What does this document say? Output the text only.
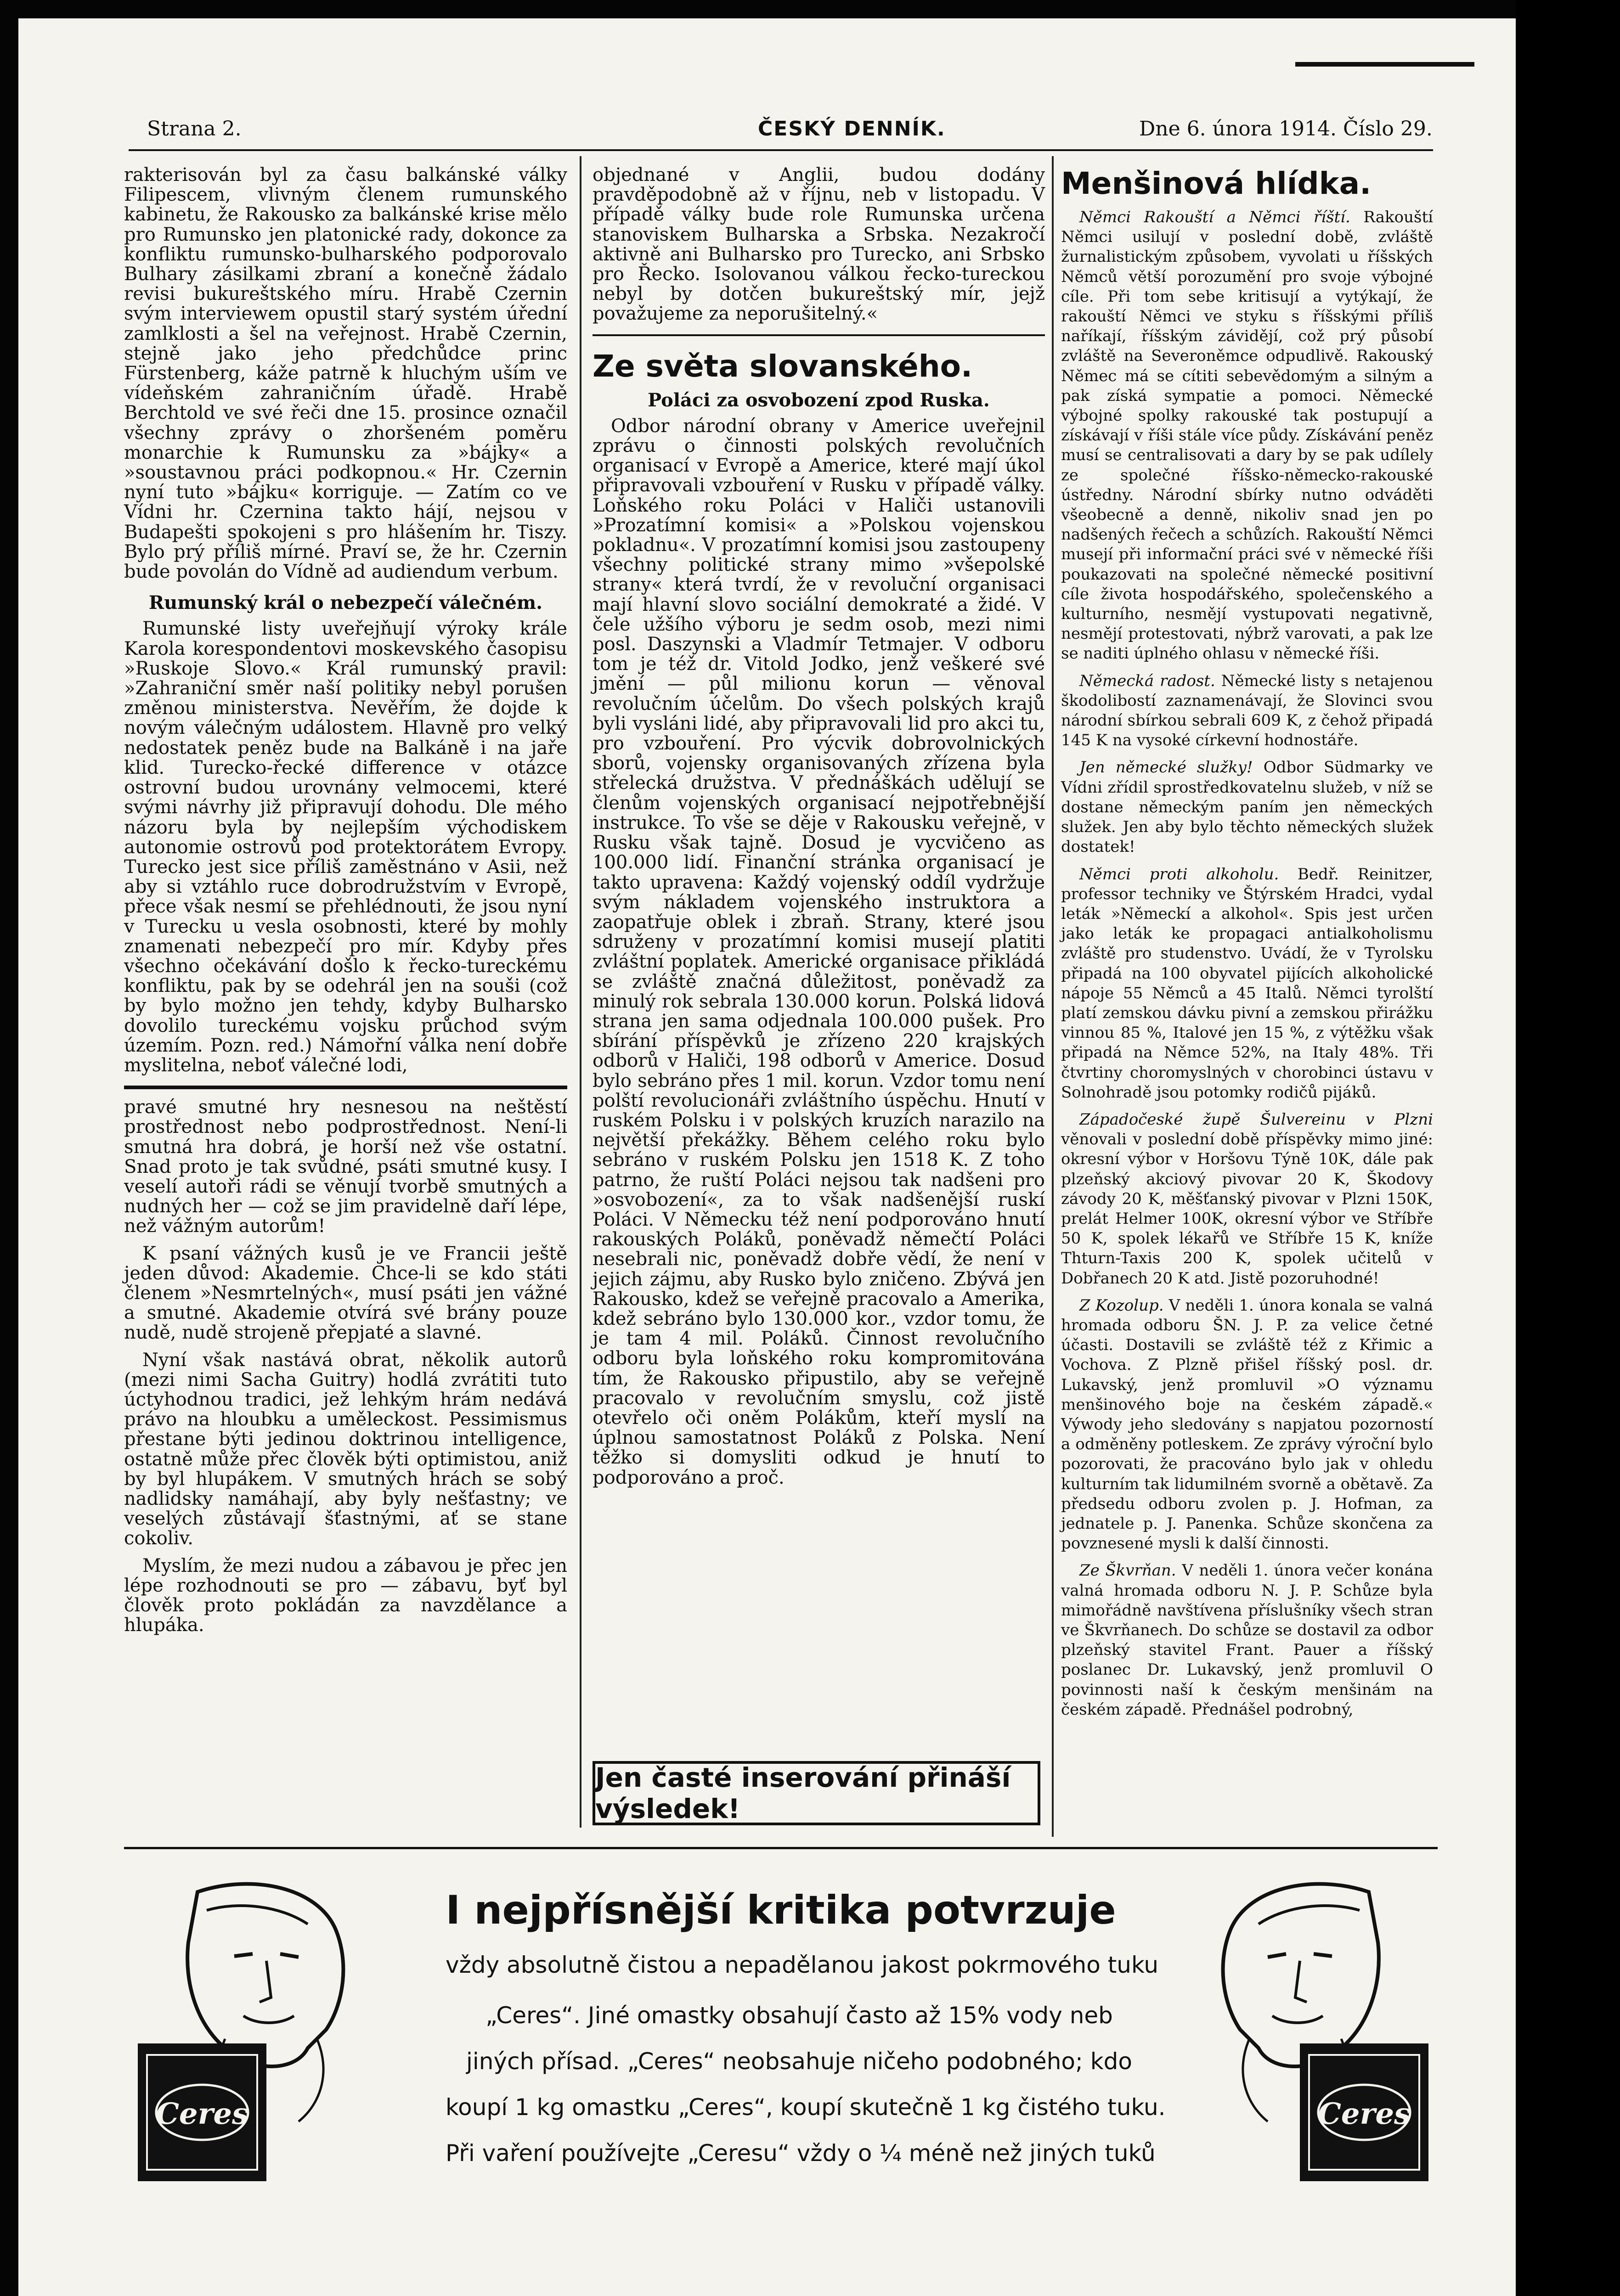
Strana 2.	ČESKÝ DENNÍK.	Dne 6. února 1914. Číslo 29.

rakterisován byl za času balkánské války Filipescem, vlivným členem rumunského kabinetu, že Rakousko za balkánské krise mělo pro Rumunsko jen platonické rady, dokonce za konfliktu rumunsko-bulharského podporovalo Bulhary zásilkami zbraní a konečně žádalo revisi bukureštského míru. Hrabě Czernin svým interviewem opustil starý systém úřední zamlklosti a šel na veřejnost. Hrabě Czernin, stejně jako jeho předchůdce princ Fürstenberg, káže patrně k hluchým uším ve vídeňském zahraničním úřadě. Hrabě Berchtold ve své řeči dne 15. prosince označil všechny zprávy o zhoršeném poměru monarchie k Rumunsku za »bájky« a »soustavnou práci podkopnou.« Hr. Czernin nyní tuto »bájku« korriguje. — Zatím co ve Vídni hr. Czernina takto hájí, nejsou v Budapešti spokojeni s pro hlášením hr. Tiszy. Bylo prý příliš mírné. Praví se, že hr. Czernin bude povolán do Vídně ad audiendum verbum.

Rumunský král o nebezpečí válečném.

Rumunské listy uveřejňují výroky krále Karola korespondentovi moskevského časopisu »Ruskoje Slovo.« Král rumunský pravil: »Zahraniční směr naší politiky nebyl porušen změnou ministerstva. Nevěřím, že dojde k novým válečným událostem. Hlavně pro velký nedostatek peněz bude na Balkáně i na jaře klid. Turecko-řecké difference v otázce ostrovní budou urovnány velmocemi, které svými návrhy již připravují dohodu. Dle mého názoru byla by nejlepším východiskem autonomie ostrovů pod protektorátem Evropy. Turecko jest sice příliš zaměstnáno v Asii, než aby si vztáhlo ruce dobrodružstvím v Evropě, přece však nesmí se přehlédnouti, že jsou nyní v Turecku u vesla osobnosti, které by mohly znamenati nebezpečí pro mír. Kdyby přes všechno očekávání došlo k řecko-tureckému konfliktu, pak by se odehrál jen na souši (což by bylo možno jen tehdy, kdyby Bulharsko dovolilo tureckému vojsku průchod svým územím. Pozn. red.) Námořní válka není dobře myslitelna, neboť válečné lodi,

pravé smutné hry nesnesou na neštěstí prostřednost nebo podprostřednost. Není-li smutná hra dobrá, je horší než vše ostatní. Snad proto je tak svůdné, psáti smutné kusy. I veselí autoři rádi se věnují tvorbě smutných a nudných her — což se jim pravidelně daří lépe, než vážným autorům!

K psaní vážných kusů je ve Francii ještě jeden důvod: Akademie. Chce-li se kdo státi členem »Nesmrtelných«, musí psáti jen vážné a smutné. Akademie otvírá své brány pouze nudě, nudě strojeně přepjaté a slavné.

Nyní však nastává obrat, několik autorů (mezi nimi Sacha Guitry) hodlá zvrátiti tuto úctyhodnou tradici, jež lehkým hrám nedává právo na hloubku a uměleckost. Pessimismus přestane býti jedinou doktrinou intelligence, ostatně může přec člověk býti optimistou, aniž by byl hlupákem. V smutných hrách se sobý nadlidsky namáhají, aby byly nešťastny; ve veselých zůstávají šťastnými, ať se stane cokoliv.

Myslím, že mezi nudou a zábavou je přec jen lépe rozhodnouti se pro — zábavu, byť byl člověk proto pokládán za navzdělance a hlupáka.

objednané v Anglii, budou dodány pravděpodobně až v říjnu, neb v listopadu. V případě války bude role Rumunska určena stanoviskem Bulharska a Srbska. Nezakročí aktivně ani Bulharsko pro Turecko, ani Srbsko pro Řecko. Isolovanou válkou řecko-tureckou nebyl by dotčen bukureštský mír, jejž považujeme za neporušitelný.«

Ze světa slovanského.
Poláci za osvobození zpod Ruska.

Odbor národní obrany v Americe uveřejnil zprávu o činnosti polských revolučních organisací v Evropě a Americe, které mají úkol připravovali vzbouření v Rusku v případě války. Loňského roku Poláci v Haliči ustanovili »Prozatímní komisi« a »Polskou vojenskou pokladnu«. V prozatímní komisi jsou zastoupeny všechny politické strany mimo »všepolské strany« která tvrdí, že v revoluční organisaci mají hlavní slovo sociální demokraté a židé. V čele užšího výboru je sedm osob, mezi nimi posl. Daszynski a Vladmír Tetmajer. V odboru tom je též dr. Vitold Jodko, jenž veškeré své jmění — půl milionu korun — věnoval revolučním účelům. Do všech polských krajů byli vysláni lidé, aby připravovali lid pro akci tu, pro vzbouření. Pro výcvik dobrovolnických sborů, vojensky organisovaných zřízena byla střelecká družstva. V přednáškách udělují se členům vojenských organisací nejpotřebnější instrukce. To vše se děje v Rakousku veřejně, v Rusku však tajně. Dosud je vycvičeno as 100.000 lidí. Finanční stránka organisací je takto upravena: Každý vojenský oddíl vydržuje svým nákladem vojenského instruktora a zaopatřuje oblek i zbraň. Strany, které jsou sdruženy v prozatímní komisi musejí platiti zvláštní poplatek. Americké organisace přikládá se zvláště značná důležitost, poněvadž za minulý rok sebrala 130.000 korun. Polská lidová strana jen sama odjednala 100.000 pušek. Pro sbírání příspěvků je zřízeno 220 krajských odborů v Haliči, 198 odborů v Americe. Dosud bylo sebráno přes 1 mil. korun. Vzdor tomu není polští revolucionáři zvláštního úspěchu. Hnutí v ruském Polsku i v polských kruzích narazilo na největší překážky. Během celého roku bylo sebráno v ruském Polsku jen 1518 K. Z toho patrno, že ruští Poláci nejsou tak nadšeni pro »osvobození«, za to však nadšenější ruskí Poláci. V Německu též není podporováno hnutí rakouských Poláků, poněvadž němečtí Poláci nesebrali nic, poněvadž dobře vědí, že není v jejich zájmu, aby Rusko bylo zničeno. Zbývá jen Rakousko, kdež se veřejně pracovalo a Amerika, kdež sebráno bylo 130.000 kor., vzdor tomu, že je tam 4 mil. Poláků. Činnost revolučního odboru byla loňského roku kompromitována tím, že Rakousko připustilo, aby se veřejně pracovalo v revolučním smyslu, což jistě otevřelo oči oněm Polákům, kteří myslí na úplnou samostatnost Poláků z Polska. Není těžko si domysliti odkud je hnutí to podporováno a proč.

Jen časté inserování přináší výsledek!
Menšinová hlídka.

Němci Rakouští a Němci říští. Rakouští Němci usilují v poslední době, zvláště žurnalistickým způsobem, vyvolati u říšských Němců větší porozumění pro svoje výbojné cíle. Při tom sebe kritisují a vytýkají, že rakouští Němci ve styku s říšskými příliš naříkají, říšským závidějí, což prý působí zvláště na Severoněmce odpudlivě. Rakouský Němec má se cítiti sebevědomým a silným a pak získá sympatie a pomoci. Německé výbojné spolky rakouské tak postupují a získávají v říši stále více půdy. Získávání peněz musí se centralisovati a dary by se pak udílely ze společné říšsko-německo-rakouské ústředny. Národní sbírky nutno odváděti všeobecně a denně, nikoliv snad jen po nadšených řečech a schůzích. Rakouští Němci musejí při informační práci své v německé říši poukazovati na společné německé positivní cíle života hospodářského, společenského a kulturního, nesmějí vystupovati negativně, nesmějí protestovati, nýbrž varovati, a pak lze se naditi úplného ohlasu v německé říši.

Německá radost. Německé listy s netajenou škodolibostí zaznamenávají, že Slovinci svou národní sbírkou sebrali 609 K, z čehož připadá 145 K na vysoké církevní hodnostáře.

Jen německé služky! Odbor Südmarky ve Vídni zřídil sprostředkovatelnu služeb, v níž se dostane německým paním jen německých služek. Jen aby bylo těchto německých služek dostatek!

Němci proti alkoholu. Bedř. Reinitzer, professor techniky ve Štýrském Hradci, vydal leták »Německí a alkohol«. Spis jest určen jako leták ke propagaci antialkoholismu zvláště pro studenstvo. Uvádí, že v Tyrolsku připadá na 100 obyvatel pijících alkoholické nápoje 55 Němců a 45 Italů. Němci tyrolští platí zemskou dávku pivní a zemskou přirážku vinnou 85 %, Italové jen 15 %, z výtěžku však připadá na Němce 52%, na Italy 48%. Tři čtvrtiny choromyslných v chorobinci ústavu v Solnohradě jsou potomky rodičů pijáků.

Západočeské župě Šulvereinu v Plzni věnovali v poslední době příspěvky mimo jiné: okresní výbor v Horšovu Týně 10K, dále pak plzeňský akciový pivovar 20 K, Škodovy závody 20 K, měšťanský pivovar v Plzni 150K, prelát Helmer 100K, okresní výbor ve Stříbře 50 K, spolek lékařů ve Stříbře 15 K, kníže Thturn-Taxis 200 K, spolek učitelů v Dobřanech 20 K atd. Jistě pozoruhodné!

Z Kozolup. V neděli 1. února konala se valná hromada odboru ŠN. J. P. za velice četné účasti. Dostavili se zvláště též z Křimic a Vochova. Z Plzně přišel říšský posl. dr. Lukavský, jenž promluvil »O významu menšinového boje na českém západě.« Výwody jeho sledovány s napjatou pozorností a odměněny potleskem. Ze zprávy výroční bylo pozorovati, že pracováno bylo jak v ohledu kulturním tak lidumilném svorně a obětavě. Za předsedu odboru zvolen p. J. Hofman, za jednatele p. J. Panenka. Schůze skončena za povznesené mysli k další činnosti.

Ze Škvrňan. V neděli 1. února večer konána valná hromada odboru N. J. P. Schůze byla mimořádně navštívena příslušníky všech stran ve Škvrňanech. Do schůze se dostavil za odbor plzeňský stavitel Frant. Pauer a říšský poslanec Dr. Lukavský, jenž promluvil O povinnosti naší k českým menšinám na českém západě. Přednášel podrobný,

Ceres
I nejpřísnější kritika potvrzuje
vždy absolutně čistou a nepadělanou jakost pokrmového tuku
„Ceres“. Jiné omastky obsahují často až 15% vody neb
jiných přísad. „Ceres“ neobsahuje ničeho podobného; kdo
koupí 1 kg omastku „Ceres“, koupí skutečně 1 kg čistého tuku.
Při vaření používejte „Ceresu“ vždy o ¼ méně než jiných tuků
Ceres
